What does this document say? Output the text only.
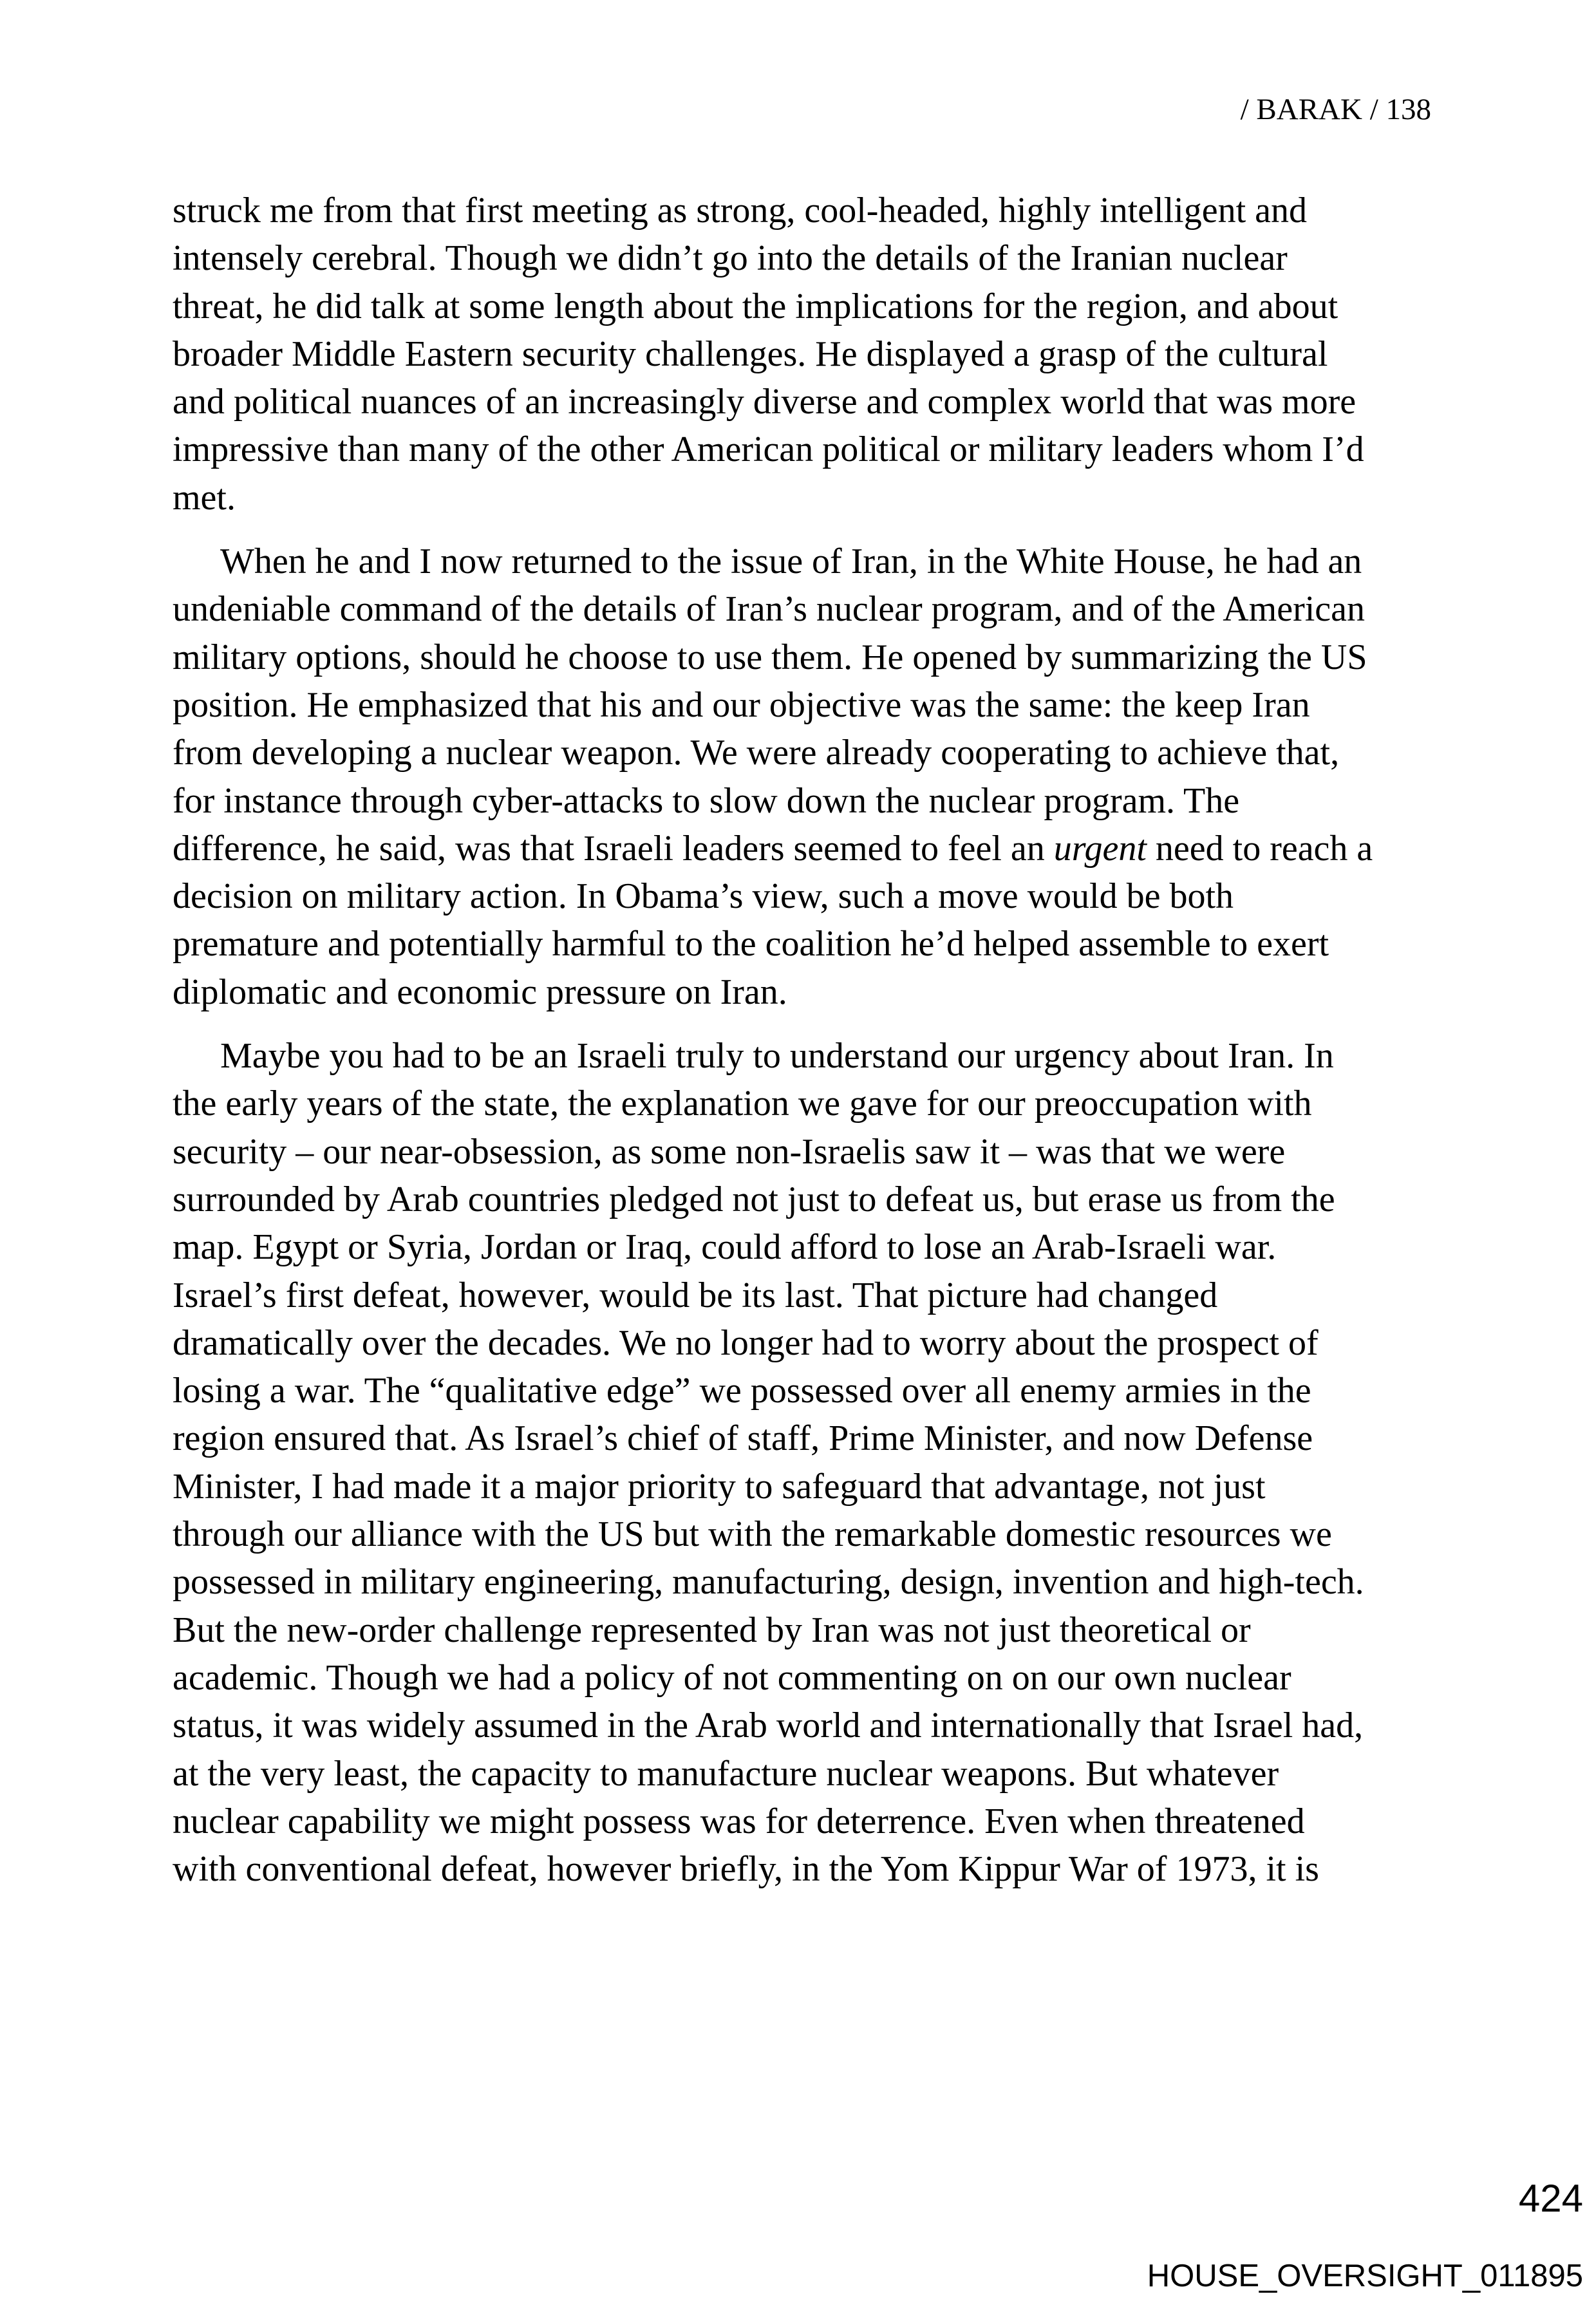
/ BARAK / 138

struck me from that first meeting as strong, cool-headed, highly intelligent and
intensely cerebral. Though we didn’t go into the details of the Iranian nuclear
threat, he did talk at some length about the implications for the region, and about
broader Middle Eastern security challenges. He displayed a grasp of the cultural
and political nuances of an increasingly diverse and complex world that was more
impressive than many of the other American political or military leaders whom I’d
met.

When he and I now returned to the issue of Iran, in the White House, he had an
undeniable command of the details of Iran’s nuclear program, and of the American
military options, should he choose to use them. He opened by summarizing the US
position. He emphasized that his and our objective was the same: the keep Iran
from developing a nuclear weapon. We were already cooperating to achieve that,
for instance through cyber-attacks to slow down the nuclear program. The
difference, he said, was that Israeli leaders seemed to feel an urgent need to reach a
decision on military action. In Obama’s view, such a move would be both
premature and potentially harmful to the coalition he’d helped assemble to exert
diplomatic and economic pressure on Iran.

Maybe you had to be an Israeli truly to understand our urgency about Iran. In
the early years of the state, the explanation we gave for our preoccupation with
security – our near-obsession, as some non-Israelis saw it – was that we were
surrounded by Arab countries pledged not just to defeat us, but erase us from the
map. Egypt or Syria, Jordan or Iraq, could afford to lose an Arab-Israeli war.
Israel’s first defeat, however, would be its last. That picture had changed
dramatically over the decades. We no longer had to worry about the prospect of
losing a war. The “qualitative edge” we possessed over all enemy armies in the
region ensured that. As Israel’s chief of staff, Prime Minister, and now Defense
Minister, I had made it a major priority to safeguard that advantage, not just
through our alliance with the US but with the remarkable domestic resources we
possessed in military engineering, manufacturing, design, invention and high-tech.
But the new-order challenge represented by Iran was not just theoretical or
academic. Though we had a policy of not commenting on on our own nuclear
status, it was widely assumed in the Arab world and internationally that Israel had,
at the very least, the capacity to manufacture nuclear weapons. But whatever
nuclear capability we might possess was for deterrence. Even when threatened
with conventional defeat, however briefly, in the Yom Kippur War of 1973, it is

424
HOUSE_OVERSIGHT_011895
